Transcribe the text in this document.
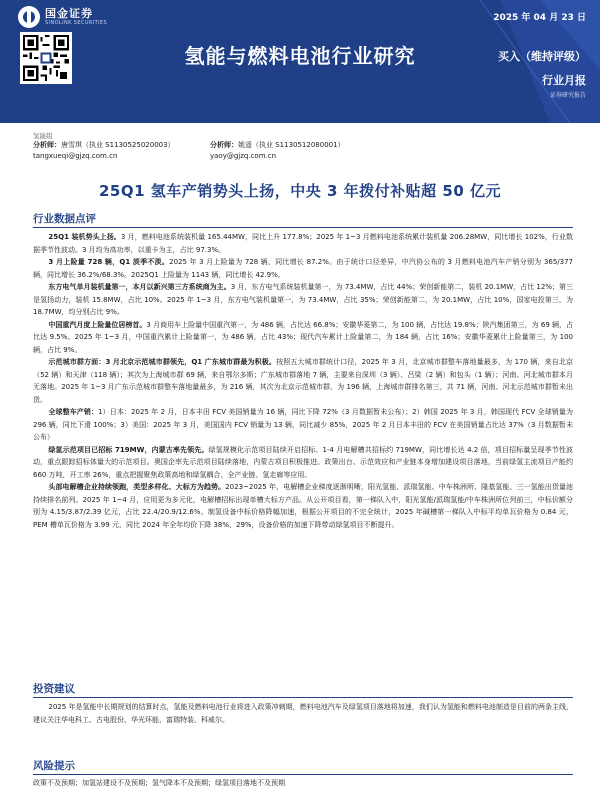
国金证券
SINOLINK SECURITIES	2025 年 04 月 23 日
氢能与燃料电池行业研究	买入（维持评级）
行业月报
证券研究报告
氢能组
分析师：唐雪琪（执业 S1130525020003）	分析师：姚遥（执业 S1130512080001）
tangxueqi@gjzq.com.cn	yaoy@gjzq.com.cn
25Q1 氢车产销势头上扬，中央 3 年拨付补贴超 50 亿元
行业数据点评

25Q1 装机势头上扬。3 月，燃料电池系统装机量 165.44MW，同比上升 177.8%；2025 年 1~3 月燃料电池系统累计装机量 206.28MW，同比增长 102%，行业数据季节性波动。3 月均为高功率，以重卡为主，占比 97.3%。

3 月上险量 728 辆，Q1 淡季不淡。2025 年 3 月上险量为 728 辆，同比增长 87.2%。由于统计口径差异，中汽协公布的 3 月燃料电池汽车产销分别为 365/377 辆，同比增长 36.2%/68.3%。2025Q1 上险量为 1143 辆，同比增长 42.9%。

东方电气单月装机量第一，本月以新兴第三方系统商为主。3 月，东方电气系统装机量第一，为 73.4MW，占比 44%；荣创新能第二，装机 20.1MW，占比 12%；第三是氢扬动力，装机 15.8MW，占比 10%。2025 年 1~3 月，东方电气装机量第一，为 73.4MW，占比 35%；荣创新能第二，为 20.1MW，占比 10%，国家电投第三，为 18.7MW，均分别占比 9%。

中国重汽月度上险量位居榜首。3 月商用车上险量中国重汽第一，为 486 辆，占比达 66.8%；安徽华菱第二，为 100 辆，占比达 19.8%；陕汽集团第三，为 69 辆，占比达 9.5%。2025 年 1~3 月，中国重汽累计上险量第一，为 486 辆，占比 43%；现代汽车累计上险量第二，为 184 辆，占比 16%；安徽华菱累计上险量第三，为 100 辆，占比 9%。

示范城市群方面：3 月北京示范城市群领先，Q1 广东城市群最为积极。按照五大城市群统计口径，2025 年 3 月，北京城市群整车落地量最多，为 170 辆，来自北京（52 辆）和天津（118 辆）；其次为上海城市群 69 辆，来自鄂尔多斯；广东城市群落地 7 辆，主要来自深圳（3 辆）、吕梁（2 辆）和包头（1 辆）；河南、河北城市群本月无落地。2025 年 1~3 月广东示范城市群整车落地量最多，为 216 辆，其次为北京示范城市群，为 196 辆，上海城市群排名第三，共 71 辆，河南、河北示范城市群暂未出货。

全球整车产销：1）日本：2025 年 2 月，日本丰田 FCV 美国销量为 16 辆，同比下降 72%（3 月数据暂未公布）；2）韩国 2025 年 3 月，韩国现代 FCV 全球销量为 296 辆，同比下滑 100%；3）美国：2025 年 3 月，美国国内 FCV 销量为 13 辆，同比减少 85%，2025 年 2 月日本丰田的 FCV 在美国销量占比达 37%（3 月数据暂未公布）

绿氢示范项目已招标 719MW，内蒙古率先领先。绿氢规模化示范项目陆续开启招标。1-4 月电解槽共招标约 719MW，同比增长达 4.2 倍，项目招标量呈现季节性波动，重点跟踪招标体量大的示范项目。奥国企率先示范项目陆续落地，内蒙古项目积极推进。政策出台、示范效应和产业链本身增加建设项目落地，当前绿氢主流项目产能约 660 万吨，开工率 26%，重点把握聚焦政策高地和绿氢耦合、全产业链、氢走廊等应用。

头部电解槽企业持续领跑，类型多样化、大标方为趋势。2023~2025 年，电解槽企业梯度逐渐明晰，阳光氢能、派瑞氢能、中车株洲所、隆基氢能、三一氢能出货量池持续排名前列。2025 年 1~4 月，应用更为多元化，电解槽招标出现单槽大标方产品。从公开项目看，第一梯队入中，阳光氢能/派瑞氢能/中车株洲所位列前三，中标价额分别为 4.15/3.87/2.39 亿元，占比 22.4/20.9/12.6%。制氢设备中标价格降幅加速，根据公开项目的不完全统计，2025 年碱槽第一梯队入中标平均单瓦价格为 0.84 元，PEM 槽单瓦价格为 3.99 元，同比 2024 年全年均价下降 38%、29%，设备价格的加速下降带动绿氢项目不断提升。

投资建议

2025 年是氢能中长期规划的结算时点，氢能及燃料电池行业将进入政策冲刺期，燃料电池汽车及绿氢项目落地将加速，我们认为氢能和燃料电池制造是目前的两条主线，建议关注华电科工、古电股份、华光环能、富瑞特装、科威尔。

风险提示
政策不及预期；加氢站建设不及预期；氢气降本不及预期；绿氢项目落地不及预期
